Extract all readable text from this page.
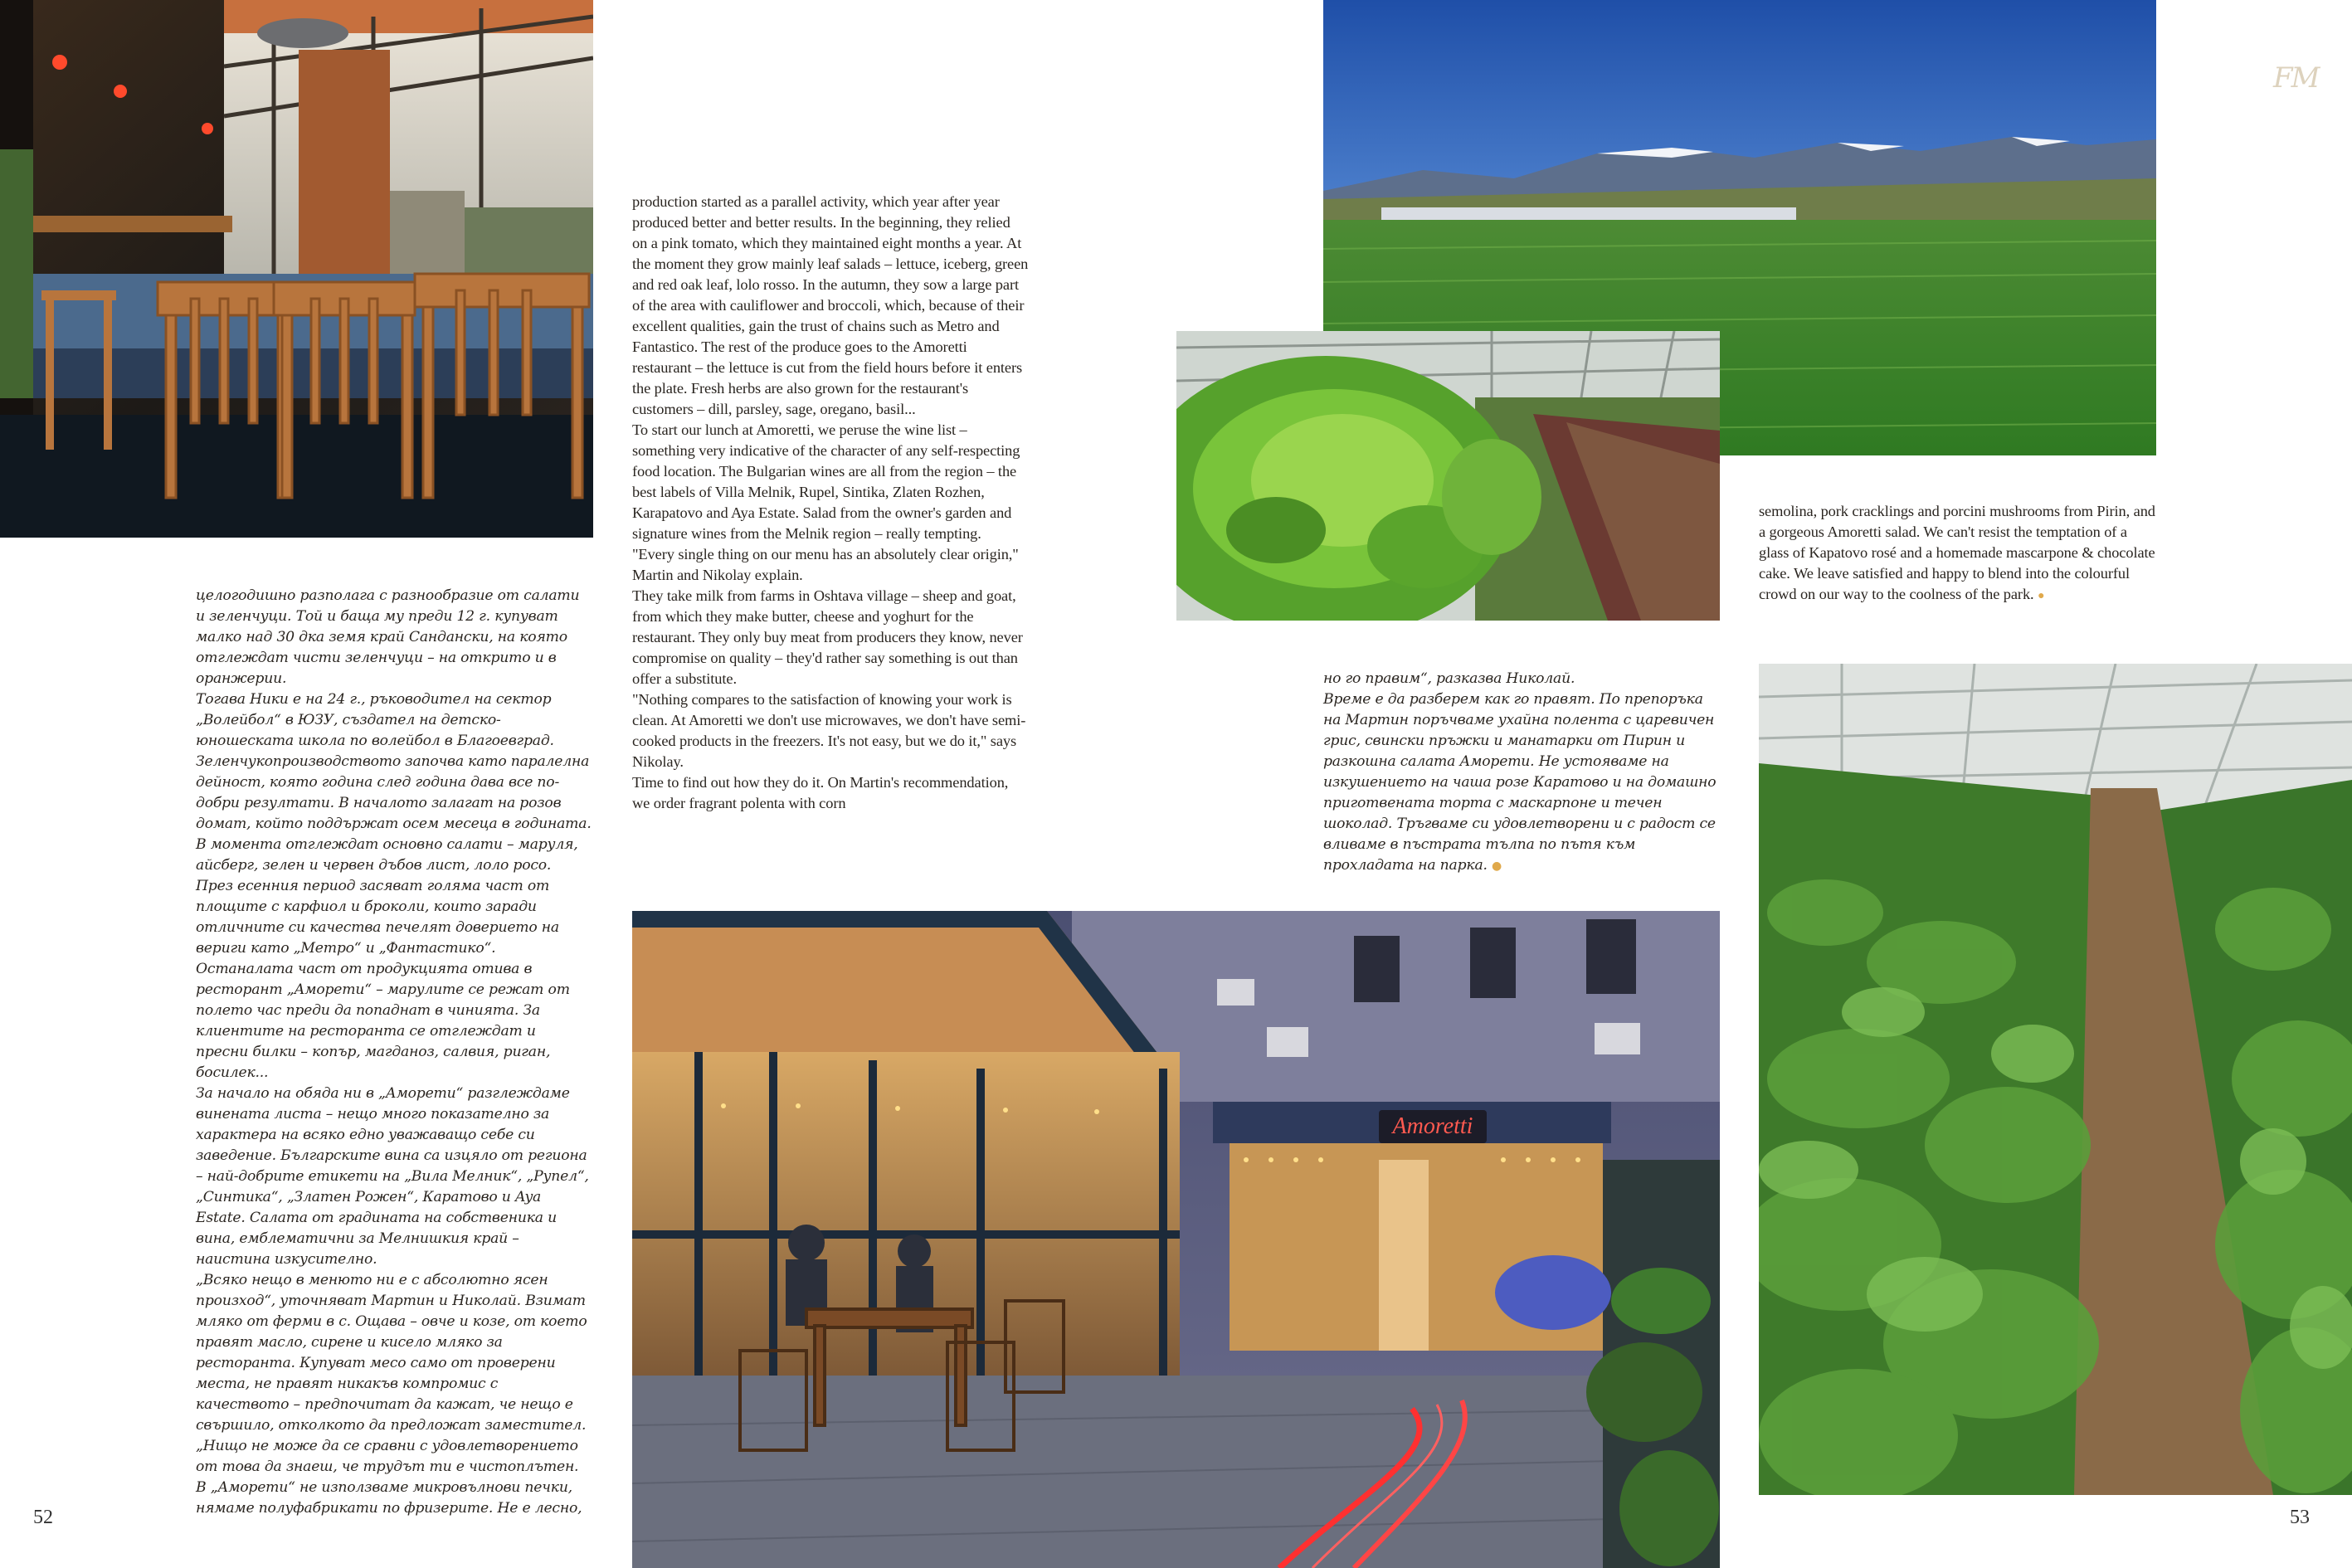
Amoretti

целогодишно разполага с разнообразие от салати и зеленчуци. Той и баща му преди 12 г. купуват малко над 30 дка земя край Сандански, на която отглеждат чисти зеленчуци – на открито и в оранжерии.

Тогава Ники е на 24 г., ръководител на сектор „Волейбол“ в ЮЗУ, създател на детско-юношеската школа по волейбол в Благоевград. Зеленчукопроизводството започва като паралелна дейност, която година след година дава все по-добри резултати. В началото залагат на розов домат, който поддържат осем месеца в годината. В момента отглеждат основно салати – маруля, айсберг, зелен и червен дъбов лист, лоло росо. През есенния период засяват голяма част от площите с карфиол и броколи, които заради отличните си качества печелят доверието на вериги като „Метро“ и „Фантастико“. Останалата част от продукцията отива в ресторант „Аморети“ – марулите се режат от полето час преди да попаднат в чинията. За клиентите на ресторанта се отглеждат и пресни билки – копър, магданоз, салвия, риган, босилек...

За начало на обяда ни в „Аморети“ разглеждаме винената листа – нещо много показателно за характера на всяко едно уважаващо себе си заведение. Българските вина са изцяло от региона – най-добрите етикети на „Вила Мелник“, „Рупел“, „Синтика“, „Златен Рожен“, Каратово и Aya Estate. Салата от градината на собственика и вина, емблематични за Мелнишкия край – наистина изкусително.

„Всяко нещо в менюто ни е с абсолютно ясен произход“, уточняват Мартин и Николай. Взимат мляко от ферми в с. Ощава – овче и козе, от което правят масло, сирене и кисело мляко за ресторанта. Купуват месо само от проверени места, не правят никакъв компромис с качеството – предпочитат да кажат, че нещо е свършило, отколкото да предложат заместител.

„Нищо не може да се сравни с удовлетворението от това да знаеш, че трудът ти е чистоплътен. В „Аморети“ не използваме микровълнови печки, нямаме полуфабрикати по фризерите. Не е лесно,

production started as a parallel activity, which year after year produced better and better results. In the beginning, they relied on a pink tomato, which they maintained eight months a year. At the moment they grow mainly leaf salads – lettuce, iceberg, green and red oak leaf, lolo rosso. In the autumn, they sow a large part of the area with cauliflower and broccoli, which, because of their excellent qualities, gain the trust of chains such as Metro and Fantastico. The rest of the produce goes to the Amoretti restaurant – the lettuce is cut from the field hours before it enters the plate. Fresh herbs are also grown for the restaurant's customers – dill, parsley, sage, oregano, basil...

To start our lunch at Amoretti, we peruse the wine list – something very indicative of the character of any self-respecting food location. The Bulgarian wines are all from the region – the best labels of Villa Melnik, Rupel, Sintika, Zlaten Rozhen, Karapatovo and Aya Estate. Salad from the owner's garden and signature wines from the Melnik region – really tempting.

"Every single thing on our menu has an absolutely clear origin," Martin and Nikolay explain.

They take milk from farms in Oshtava village – sheep and goat, from which they make butter, cheese and yoghurt for the restaurant. They only buy meat from producers they know, never compromise on quality – they'd rather say something is out than offer a substitute.

"Nothing compares to the satisfaction of knowing your work is clean. At Amoretti we don't use microwaves, we don't have semi-cooked products in the freezers. It's not easy, but we do it," says Nikolay.

Time to find out how they do it. On Martin's recommendation, we order fragrant polenta with corn

но го правим“, разказва Николай.

Време е да разберем как го правят. По препоръка на Мартин поръчваме ухайна полента с царевичен грис, свински пръжки и манатарки от Пирин и разкошна салата Аморети. Не устояваме на изкушението на чаша розе Каратово и на домашно приготвената торта с маскарпоне и течен шоколад. Тръгваме си удовлетворени и с радост се вливаме в пъстрата тълпа по пътя към прохладата на парка. ●

semolina, pork cracklings and porcini mushrooms from Pirin, and a gorgeous Amoretti salad. We can't resist the temptation of a glass of Kapatovo rosé and a homemade mascarpone & chocolate cake. We leave satisfied and happy to blend into the colourful crowd on our way to the coolness of the park. ●

52	53
FM
